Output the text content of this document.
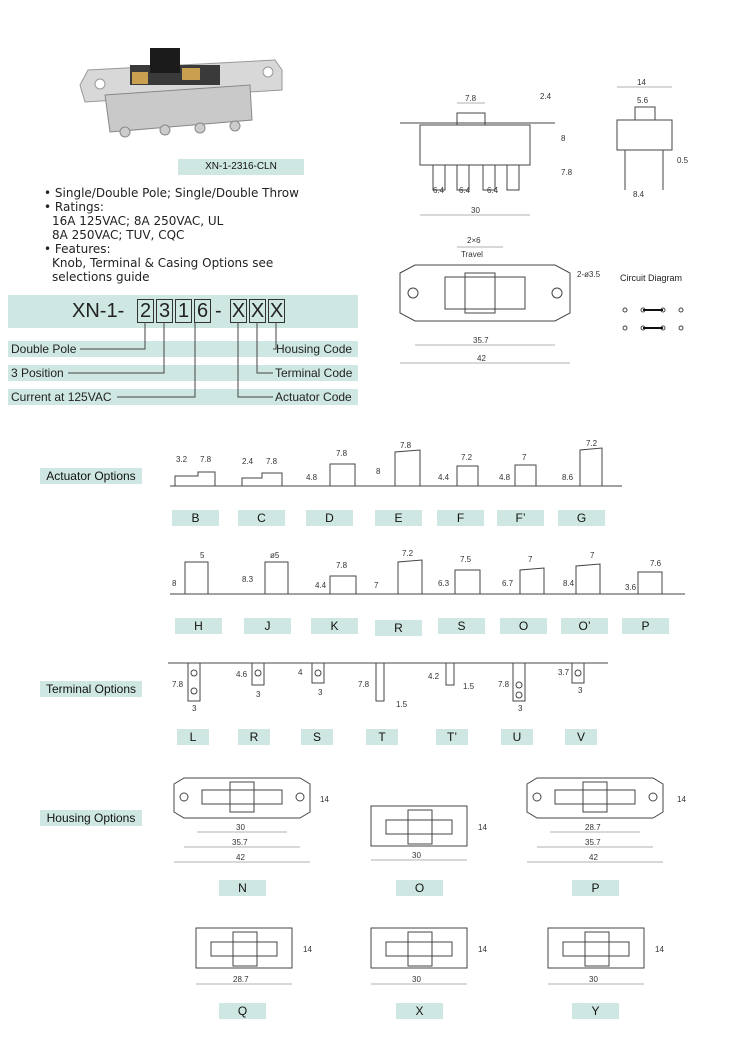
XN-1-2316-CLN
• Single/Double Pole; Single/Double Throw
• Ratings:
16A 125VAC; 8A 250VAC, UL
8A 250VAC; TUV, CQC
• Features:
Knob, Terminal & Casing Options see
selections guide
XN-1- 2 3 1 6 - X X X
Double Pole
3 Position
Current at 125VAC
Housing Code
Terminal Code
Actuator Code
7.8	2.4
8
7.8
6.4 6.4 6.4
30
14
5.6
0.5
8.4
2×6
Travel
2-ø3.5
35.7
42
Circuit Diagram
Actuator Options
3.2 7.8	2.4 7.8
4.8
7.8
8
7.8
4.4
7.2
4.8
7
8.6
7.2
B	C	D	E	F	F’	G
8
5
8.3
ø5
4.4
7.8
7
7.2
6.3
7.5
6.7
7
8.4
7
3.6
7.6
H	J	K	R	S	O	O’	P
Terminal Options	7.8
3
4.6
3
4
3
7.8
1.5
4.2
1.5	7.8
3
3.7
3
L	R	S	T	T’	U	V
Housing Options
30
35.7
42
14
30
14	28.7
35.7
42
14
N	O	P
28.7
14
30
14
30
14
Q	X	Y
